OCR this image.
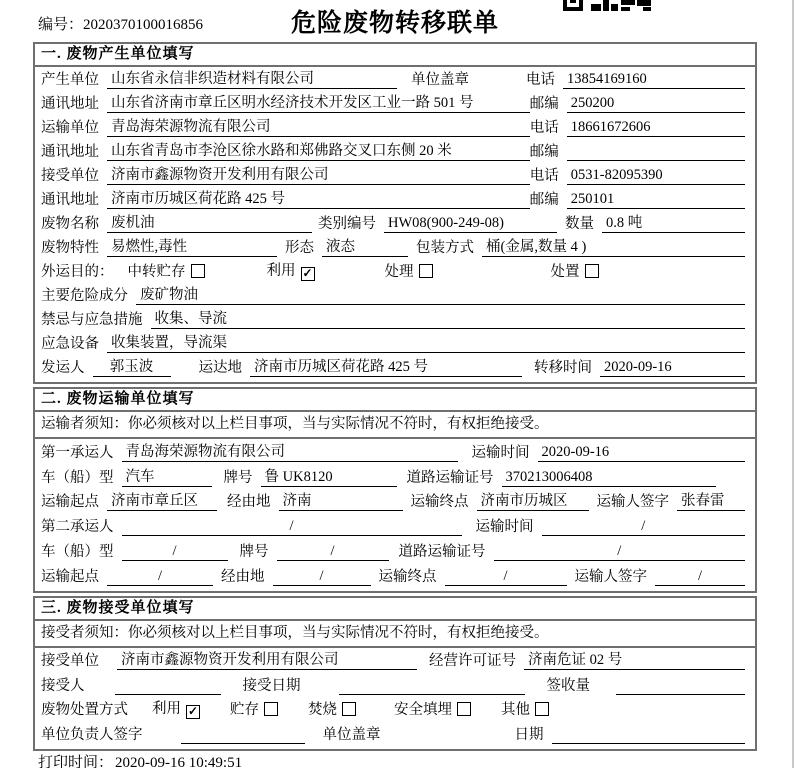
编号：2020370100016856	危险废物转移联单
一. 废物产生单位填写
产生单位 山东省永信非织造材料有限公司	单位盖章	电话 13854169160
通讯地址 山东省济南市章丘区明水经济技术开发区工业一路 501 号	邮编 250200
运输单位 青岛海荣源物流有限公司	电话 18661672606
通讯地址 山东省青岛市李沧区徐水路和郑佛路交叉口东侧 20 米	邮编
接受单位 济南市鑫源物资开发利用有限公司	电话 0531-82095390
通讯地址 济南市历城区荷花路 425 号	邮编 250101
废物名称 废机油	类别编号 HW08(900-249-08)	数量 0.8 吨
废物特性 易燃性,毒性	形态 液态	包装方式 桶(金属,数量 4 )
外运目的： 中转贮存	利用 ✓	处理	处置
主要危险成分 废矿物油
禁忌与应急措施 收集、导流
应急设备 收集装置，导流渠
发运人	郭玉波	运达地 济南市历城区荷花路 425 号	转移时间 2020-09-16
二. 废物运输单位填写
运输者须知：你必须核对以上栏目事项，当与实际情况不符时，有权拒绝接受。
第一承运人 青岛海荣源物流有限公司	运输时间 2020-09-16
车（船）型 汽车	牌号 鲁 UK8120	道路运输证号 370213006408
运输起点 济南市章丘区	经由地 济南	运输终点 济南市历城区	运输人签字 张春雷
第二承运人	/	运输时间	/
车（船）型	/	牌号	/	道路运输证号	/
运输起点	/	经由地	/	运输终点	/	运输人签字	/
三. 废物接受单位填写
接受者须知：你必须核对以上栏目事项，当与实际情况不符时，有权拒绝接受。
接受单位 济南市鑫源物资开发利用有限公司	经营许可证号 济南危证 02 号
接受人	接受日期	签收量
废物处置方式 利用 ✓ 贮存	焚烧	安全填埋	其他
单位负责人签字	单位盖章	日期
打印时间： 2020-09-16 10:49:51
